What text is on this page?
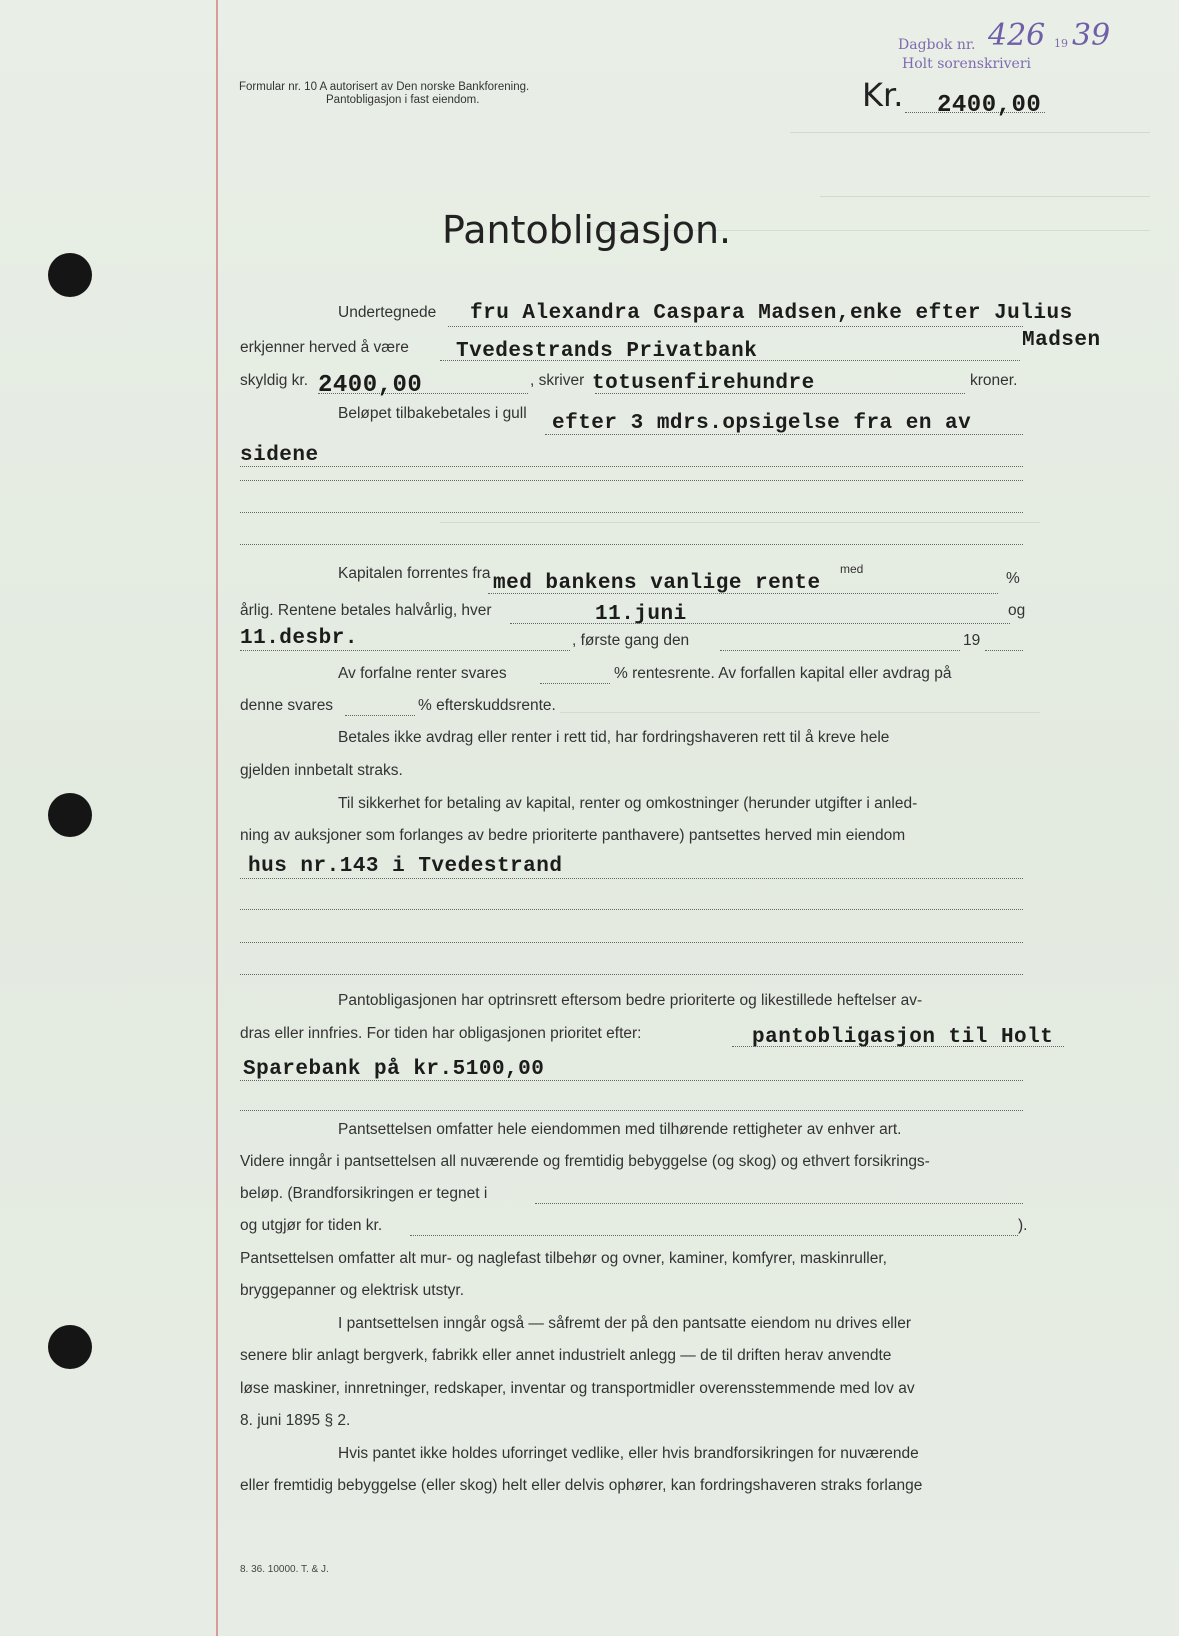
Formular nr. 10 A autorisert av Den norske Bankforening.
Pantobligasjon i fast eiendom.
Dagbok nr. 426 19 39
Holt sorenskriveri
Kr. 2400,00
Pantobligasjon.
Undertegnede fru Alexandra Caspara Madsen,enke efter Julius
Madsen
erkjenner herved å være Tvedestrands Privatbank
skyldig kr. 2400,00	, skriver totusenfirehundre	kroner.
Beløpet tilbakebetales i gull efter 3 mdrs.opsigelse fra en av
sidene
Kapitalen forrentes fra med bankens vanlige rente
med
%
årlig. Rentene betales halvårlig, hver	11.juni	og
11.desbr.	, første gang den	19
Av forfalne renter svares	% rentesrente. Av forfallen kapital eller avdrag på
denne svares	% efterskuddsrente.
Betales ikke avdrag eller renter i rett tid, har fordringshaveren rett til å kreve hele
gjelden innbetalt straks.
Til sikkerhet for betaling av kapital, renter og omkostninger (herunder utgifter i anled-
ning av auksjoner som forlanges av bedre prioriterte panthavere) pantsettes herved min eiendom
hus nr.143 i Tvedestrand
Pantobligasjonen har optrinsrett eftersom bedre prioriterte og likestillede heftelser av-
dras eller innfries. For tiden har obligasjonen prioritet efter:	pantobligasjon til Holt
Sparebank på kr.5100,00
Pantsettelsen omfatter hele eiendommen med tilhørende rettigheter av enhver art.
Videre inngår i pantsettelsen all nuværende og fremtidig bebyggelse (og skog) og ethvert forsikrings-
beløp. (Brandforsikringen er tegnet i
og utgjør for tiden kr.	).
Pantsettelsen omfatter alt mur- og naglefast tilbehør og ovner, kaminer, komfyrer, maskinruller,
bryggepanner og elektrisk utstyr.
I pantsettelsen inngår også — såfremt der på den pantsatte eiendom nu drives eller
senere blir anlagt bergverk, fabrikk eller annet industrielt anlegg — de til driften herav anvendte
løse maskiner, innretninger, redskaper, inventar og transportmidler overensstemmende med lov av
8. juni 1895 § 2.
Hvis pantet ikke holdes uforringet vedlike, eller hvis brandforsikringen for nuværende
eller fremtidig bebyggelse (eller skog) helt eller delvis ophører, kan fordringshaveren straks forlange
8. 36. 10000. T. & J.
